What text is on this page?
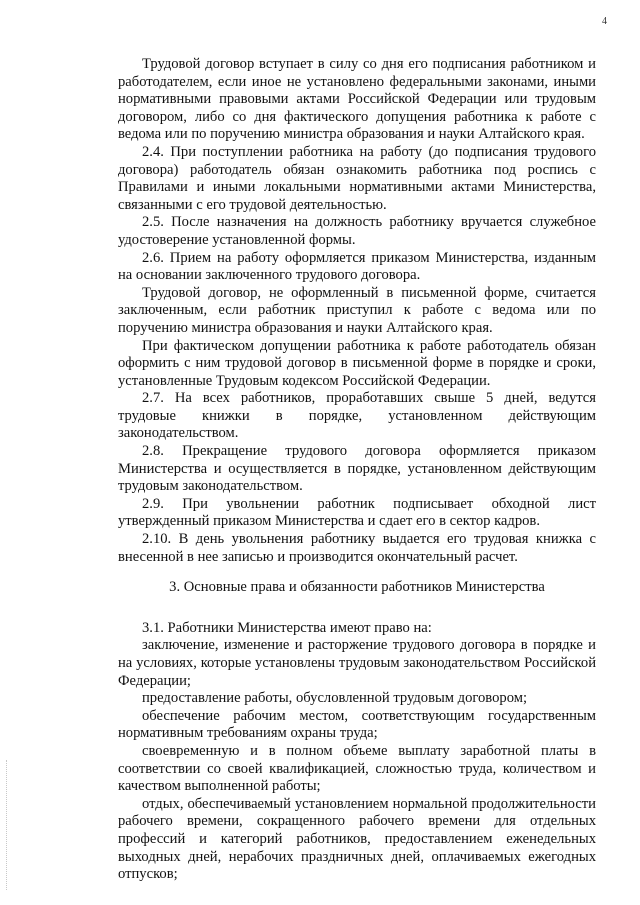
4

Трудовой договор вступает в силу со дня его подписания работником и работодателем, если иное не установлено федеральными законами, иными нормативными правовыми актами Российской Федерации или трудовым договором, либо со дня фактического допущения работника к работе с ведома или по поручению министра образования и науки Алтайского края.

2.4. При поступлении работника на работу (до подписания трудового договора) работодатель обязан ознакомить работника под роспись с Правилами и иными локальными нормативными актами Министерства, связанными с его трудовой деятельностью.

2.5. После назначения на должность работнику вручается служебное удостоверение установленной формы.

2.6. Прием на работу оформляется приказом Министерства, изданным на основании заключенного трудового договора.

Трудовой договор, не оформленный в письменной форме, считается заключенным, если работник приступил к работе с ведома или по поручению министра образования и науки Алтайского края.

При фактическом допущении работника к работе работодатель обязан оформить с ним трудовой договор в письменной форме в порядке и сроки, установленные Трудовым кодексом Российской Федерации.

2.7. На всех работников, проработавших свыше 5 дней, ведутся трудовые книжки в порядке, установленном действующим законодательством.

2.8. Прекращение трудового договора оформляется приказом Министерства и осуществляется в порядке, установленном действующим трудовым законодательством.

2.9. При увольнении работник подписывает обходной лист утвержденный приказом Министерства и сдает его в сектор кадров.

2.10. В день увольнения работнику выдается его трудовая книжка с внесенной в нее записью и производится окончательный расчет.

3. Основные права и обязанности работников Министерства

3.1. Работники Министерства имеют право на:

заключение, изменение и расторжение трудового договора в порядке и на условиях, которые установлены трудовым законодательством Российской Федерации;

предоставление работы, обусловленной трудовым договором;

обеспечение рабочим местом, соответствующим государственным нормативным требованиям охраны труда;

своевременную и в полном объеме выплату заработной платы в соответствии со своей квалификацией, сложностью труда, количеством и качеством выполненной работы;

отдых, обеспечиваемый установлением нормальной продолжительности рабочего времени, сокращенного рабочего времени для отдельных профессий и категорий работников, предоставлением еженедельных выходных дней, нерабочих праздничных дней, оплачиваемых ежегодных отпусков;
